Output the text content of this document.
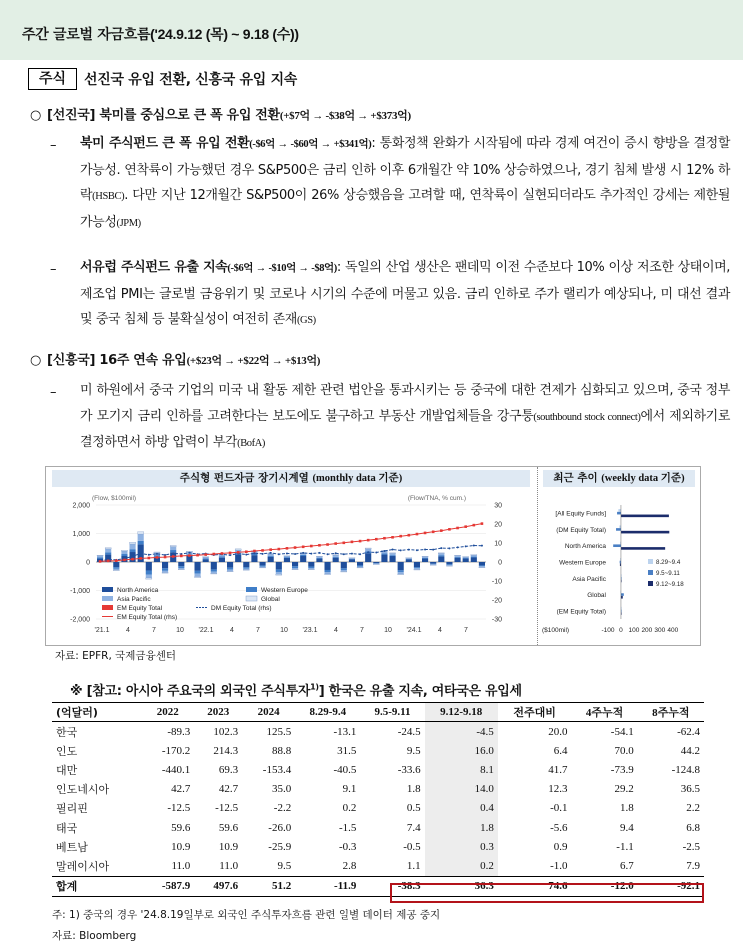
주간 글로벌 자금흐름('24.9.12 (목) ~ 9.18 (수))
주식	선진국 유입 전환, 신흥국 유입 지속
○ [선진국] 북미를 중심으로 큰 폭 유입 전환(+$7억 → -$38억 → +$373억)
– 북미 주식펀드 큰 폭 유입 전환(-$6억 → -$60억 → +$341억): 통화정책 완화가 시작됨에 따라 경제 여건이 증시 향방을 결정할 가능성. 연착륙이 가능했던 경우 S&P500은 금리 인하 이후 6개월간 약 10% 상승하였으나, 경기 침체 발생 시 12% 하락(HSBC). 다만 지난 12개월간 S&P500이 26% 상승했음을 고려할 때, 연착륙이 실현되더라도 추가적인 강세는 제한될 가능성(JPM)
– 서유럽 주식펀드 유출 지속(-$6억 → -$10억 → -$8억): 독일의 산업 생산은 팬데믹 이전 수준보다 10% 이상 저조한 상태이며, 제조업 PMI는 글로벌 금융위기 및 코로나 시기의 수준에 머물고 있음. 금리 인하로 주가 랠리가 예상되나, 미 대선 결과 및 중국 침체 등 불확실성이 여전히 존재(GS)
○ [신흥국] 16주 연속 유입(+$23억 → +$22억 → +$13억)
– 미 하원에서 중국 기업의 미국 내 활동 제한 관련 법안을 통과시키는 등 중국에 대한 견제가 심화되고 있으며, 중국 정부가 모기지 금리 인하를 고려한다는 보도에도 불구하고 부동산 개발업체들을 강구퉁(southbound stock connect)에서 제외하기로 결정하면서 하방 압력이 부각(BofA)
주식형 펀드자금 장기시계열 (monthly data 기준)	최근 추이 (weekly data 기준)
(Flow, $100mil)	(Flow/TNA, % cum.)
2,000
1,000
0
-1,000
-2,000
30
20
10
0
-10
-20
-30
'21.1 4	7	10 '22.1 4	7	10 '23.1 4	7	10 '24.1 4	7
North America	Western Europe
Asia Pacific	Global
EM Equity Total	DM Equity Total (rhs)
EM Equity Total (rhs)
[All Equity Funds]
(DM Equity Total)
North America
Western Europe
Asia Pacific
Global
(EM Equity Total)
($100mil)	-100 0 100 200 300 400
8.29~9.4
9.5~9.11
9.12~9.18
자료: EPFR, 국제금융센터
※ [참고: 아시아 주요국의 외국인 주식투자$^{1)}$] 한국은 유출 지속, 여타국은 유입세
(억달러)	2022	2023	2024	8.29-9.4	9.5-9.11	9.12-9.18	전주대비	4주누적	8주누적
한국	-89.3	102.3	125.5	-13.1	-24.5	-4.5	20.0	-54.1	-62.4
인도	-170.2	214.3	88.8	31.5	9.5	16.0	6.4	70.0	44.2
대만	-440.1	69.3	-153.4	-40.5	-33.6	8.1	41.7	-73.9	-124.8
인도네시아	42.7	42.7	35.0	9.1	1.8	14.0	12.3	29.2	36.5
필리핀	-12.5	-12.5	-2.2	0.2	0.5	0.4	-0.1	1.8	2.2
태국	59.6	59.6	-26.0	-1.5	7.4	1.8	-5.6	9.4	6.8
베트남	10.9	10.9	-25.9	-0.3	-0.5	0.3	0.9	-1.1	-2.5
말레이시아	11.0	11.0	9.5	2.8	1.1	0.2	-1.0	6.7	7.9
합계	-587.9	497.6	51.2	-11.9	-38.3	36.3	74.6	-12.0	-92.1
주: 1) 중국의 경우 '24.8.19일부로 외국인 주식투자흐름 관련 일별 데이터 제공 중지
자료: Bloomberg
